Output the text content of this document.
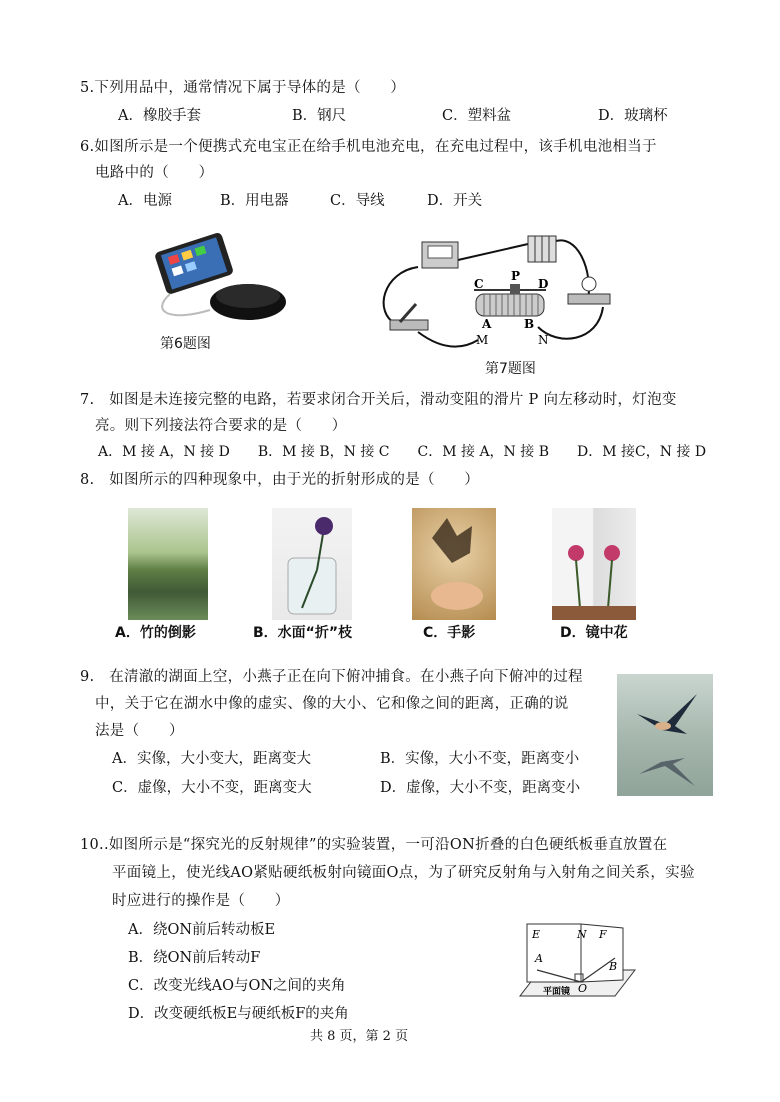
5.下列用品中，通常情况下属于导体的是（　　）
A．橡胶手套	B．钢尺	C．塑料盆	D．玻璃杯
6.如图所示是一个便携式充电宝正在给手机电池充电，在充电过程中，该手机电池相当于
电路中的（　　）
A．电源	B．用电器	C．导线	D．开关
第6题图
C
P
D
A	B
M	N
第7题图
7.　如图是未连接完整的电路，若要求闭合开关后，滑动变阻的滑片 P 向左移动时，灯泡变
亮。则下列接法符合要求的是（　　）
A．M 接 A，N 接 D　　B．M 接 B，N 接 C　　C．M 接 A，N 接 B　　D．M 接C，N 接 D
8.　如图所示的四种现象中，由于光的折射形成的是（　　）
A．竹的倒影	B．水面“折”枝	C．手影	D．镜中花
9.　在清澈的湖面上空，小燕子正在向下俯冲捕食。在小燕子向下俯冲的过程
中，关于它在湖水中像的虚实、像的大小、它和像之间的距离，正确的说
法是（　　）
A．实像，大小变大，距离变大	B．实像，大小不变，距离变小
C．虚像，大小不变，距离变大	D．虚像，大小不变，距离变小
10..如图所示是“探究光的反射规律”的实验装置，一可沿ON折叠的白色硬纸板垂直放置在
平面镜上，使光线AO紧贴硬纸板射向镜面O点，为了研究反射角与入射角之间关系，实验
时应进行的操作是（　　）
A．绕ON前后转动板E
B．绕ON前后转动F
C．改变光线AO与ON之间的夹角
D．改变硬纸板E与硬纸板F的夹角
E	N F
A
O
B
平面镜
共 8 页，第 2 页
